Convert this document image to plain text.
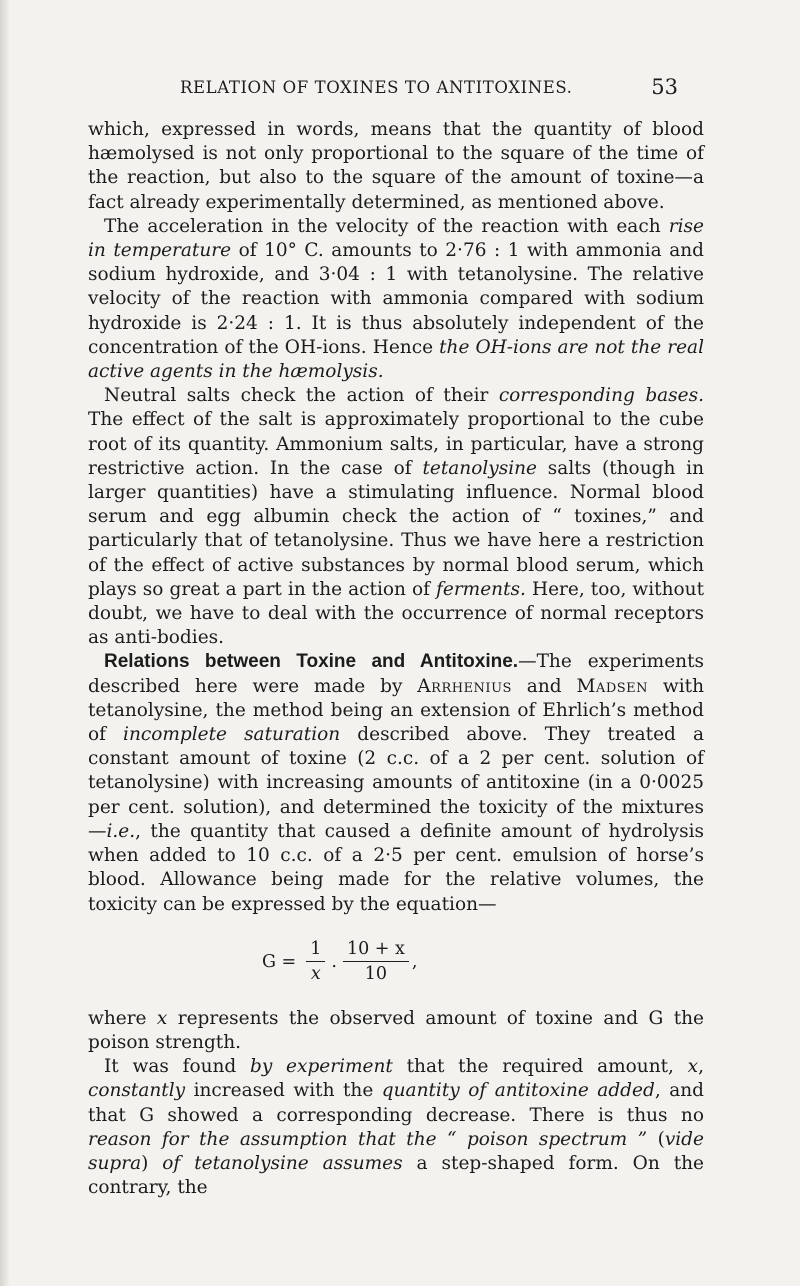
RELATION OF TOXINES TO ANTITOXINES.	53

which, expressed in words, means that the quantity of blood hæmolysed is not only proportional to the square of the time of the reaction, but also to the square of the amount of toxine—a fact already experimentally determined, as mentioned above.

The acceleration in the velocity of the reaction with each rise in temperature of 10° C. amounts to 2·76 : 1 with ammonia and sodium hydroxide, and 3·04 : 1 with tetanolysine. The relative velocity of the reaction with ammonia compared with sodium hydroxide is 2·24 : 1. It is thus absolutely independent of the concentration of the OH-ions. Hence the OH-ions are not the real active agents in the hæmolysis.

Neutral salts check the action of their corresponding bases. The effect of the salt is approximately proportional to the cube root of its quantity. Ammonium salts, in particular, have a strong restrictive action. In the case of tetanolysine salts (though in larger quantities) have a stimulating influence. Normal blood serum and egg albumin check the action of “ toxines,” and particularly that of tetanolysine. Thus we have here a restriction of the effect of active substances by normal blood serum, which plays so great a part in the action of ferments. Here, too, without doubt, we have to deal with the occurrence of normal receptors as anti-bodies.

Relations between Toxine and Antitoxine.—The experiments described here were made by Arrhenius and Madsen with tetanolysine, the method being an extension of Ehrlich’s method of incomplete saturation described above. They treated a constant amount of toxine (2 c.c. of a 2 per cent. solution of tetanolysine) with increasing amounts of antitoxine (in a 0·0025 per cent. solution), and determined the toxicity of the mixtures —i.e., the quantity that caused a definite amount of hydrolysis when added to 10 c.c. of a 2·5 per cent. emulsion of horse’s blood. Allowance being made for the relative volumes, the toxicity can be expressed by the equation—

$G = \frac{1}{x}$ . $\frac{10 + x}{10}$ ,

where x represents the observed amount of toxine and G the poison strength.

It was found by experiment that the required amount, x, constantly increased with the quantity of antitoxine added, and that G showed a corresponding decrease. There is thus no reason for the assumption that the “ poison spectrum ” (vide supra) of tetanolysine assumes a step-shaped form. On the contrary, the
